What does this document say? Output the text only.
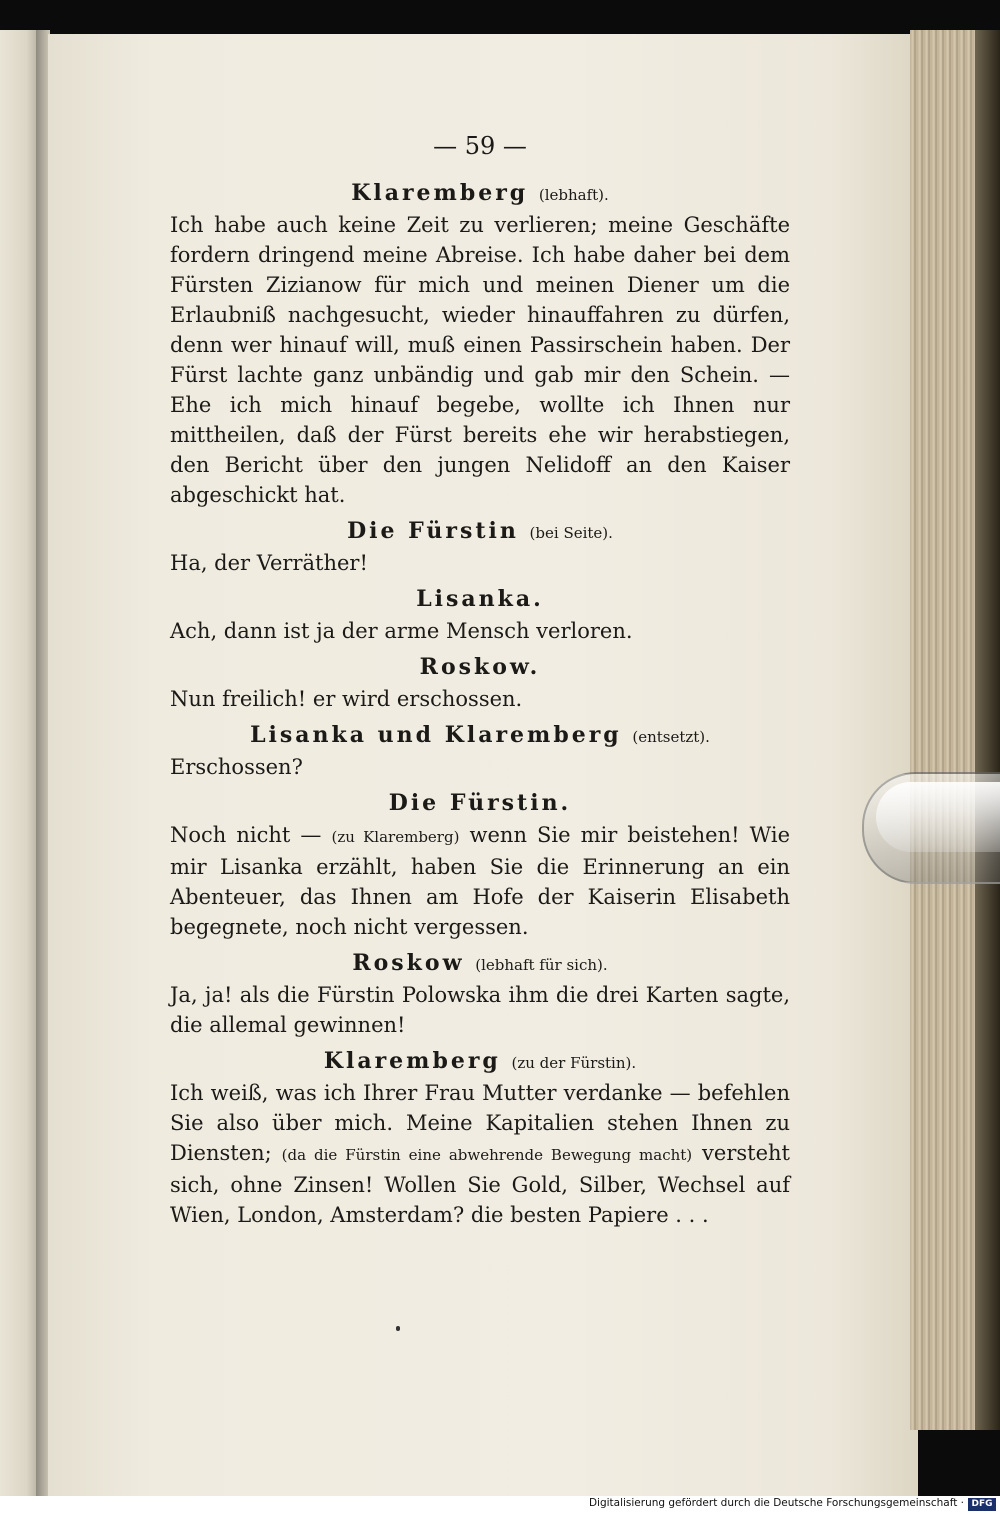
— 59 —
Klaremberg (lebhaft).

Ich habe auch keine Zeit zu verlieren; meine Geschäfte fordern dringend meine Abreise. Ich habe daher bei dem Fürsten Zizianow für mich und meinen Diener um die Erlaubniß nachgesucht, wieder hinauffahren zu dürfen, denn wer hinauf will, muß einen Passirschein haben. Der Fürst lachte ganz unbändig und gab mir den Schein. — Ehe ich mich hinauf begebe, wollte ich Ihnen nur mittheilen, daß der Fürst bereits ehe wir herabstiegen, den Bericht über den jungen Nelidoff an den Kaiser abgeschickt hat.

Die Fürstin (bei Seite).

Ha, der Verräther!

Lisanka.

Ach, dann ist ja der arme Mensch verloren.

Roskow.

Nun freilich! er wird erschossen.

Lisanka und Klaremberg (entsetzt).

Erschossen?

Die Fürstin.

Noch nicht — (zu Klaremberg) wenn Sie mir beistehen! Wie mir Lisanka erzählt, haben Sie die Erinnerung an ein Abenteuer, das Ihnen am Hofe der Kaiserin Elisabeth begegnete, noch nicht vergessen.

Roskow (lebhaft für sich).

Ja, ja! als die Fürstin Polowska ihm die drei Karten sagte, die allemal gewinnen!

Klaremberg (zu der Fürstin).

Ich weiß, was ich Ihrer Frau Mutter verdanke — befehlen Sie also über mich. Meine Kapitalien stehen Ihnen zu Diensten; (da die Fürstin eine abwehrende Bewegung macht) versteht sich, ohne Zinsen! Wollen Sie Gold, Silber, Wechsel auf Wien, London, Amsterdam? die besten Papiere . . .

Digitalisierung gefördert durch die Deutsche Forschungsgemeinschaft · DFG
